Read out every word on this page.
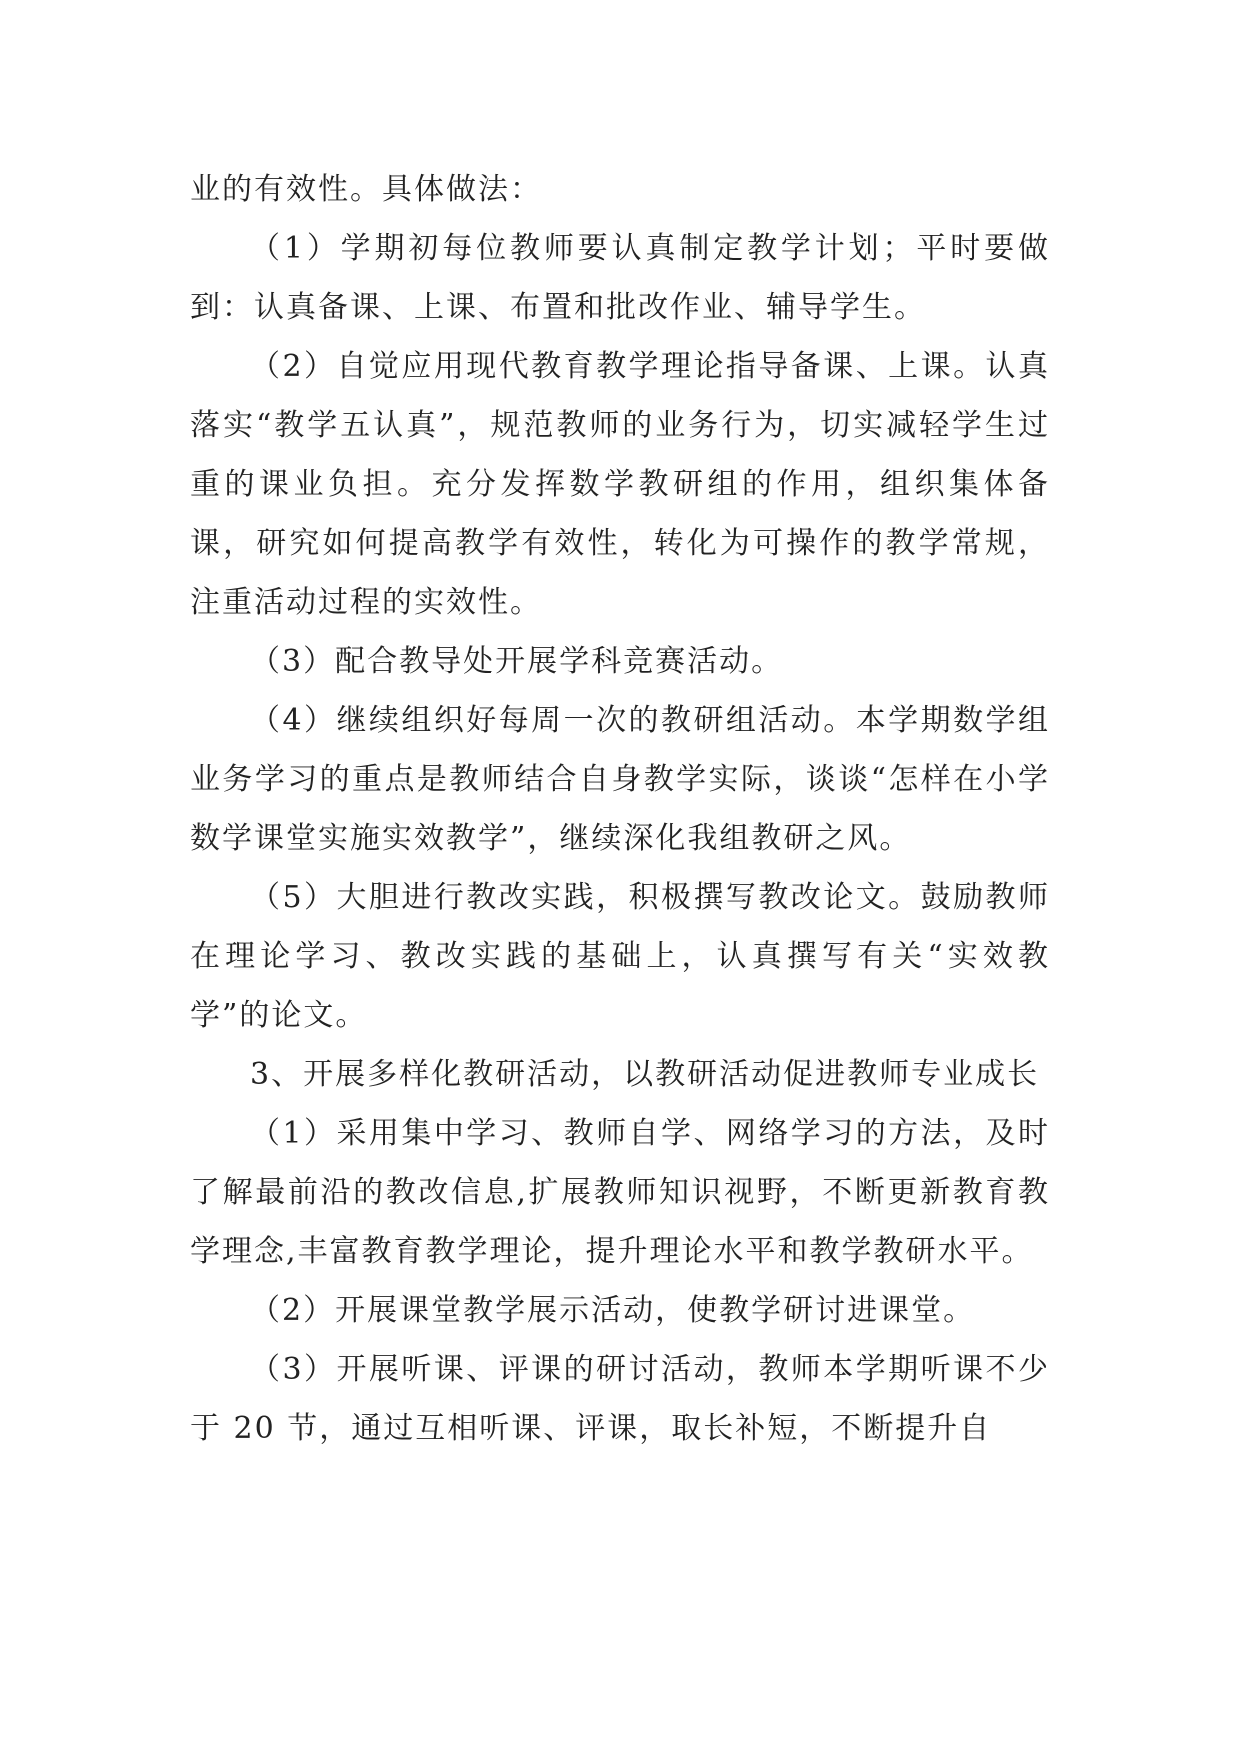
业的有效性。具体做法：

（1）学期初每位教师要认真制定教学计划；平时要做到：认真备课、上课、布置和批改作业、辅导学生。

（2）自觉应用现代教育教学理论指导备课、上课。认真落实“教学五认真”，规范教师的业务行为，切实减轻学生过重的课业负担。充分发挥数学教研组的作用，组织集体备课，研究如何提高教学有效性，转化为可操作的教学常规，注重活动过程的实效性。

（3）配合教导处开展学科竞赛活动。

（4）继续组织好每周一次的教研组活动。本学期数学组业务学习的重点是教师结合自身教学实际，谈谈“怎样在小学数学课堂实施实效教学”，继续深化我组教研之风。

（5）大胆进行教改实践，积极撰写教改论文。鼓励教师在理论学习、教改实践的基础上，认真撰写有关“实效教学”的论文。

3、开展多样化教研活动，以教研活动促进教师专业成长

（1）采用集中学习、教师自学、网络学习的方法，及时了解最前沿的教改信息,扩展教师知识视野，不断更新教育教学理念,丰富教育教学理论，提升理论水平和教学教研水平。

（2）开展课堂教学展示活动，使教学研讨进课堂。

（3）开展听课、评课的研讨活动，教师本学期听课不少于 20 节，通过互相听课、评课，取长补短，不断提升自
